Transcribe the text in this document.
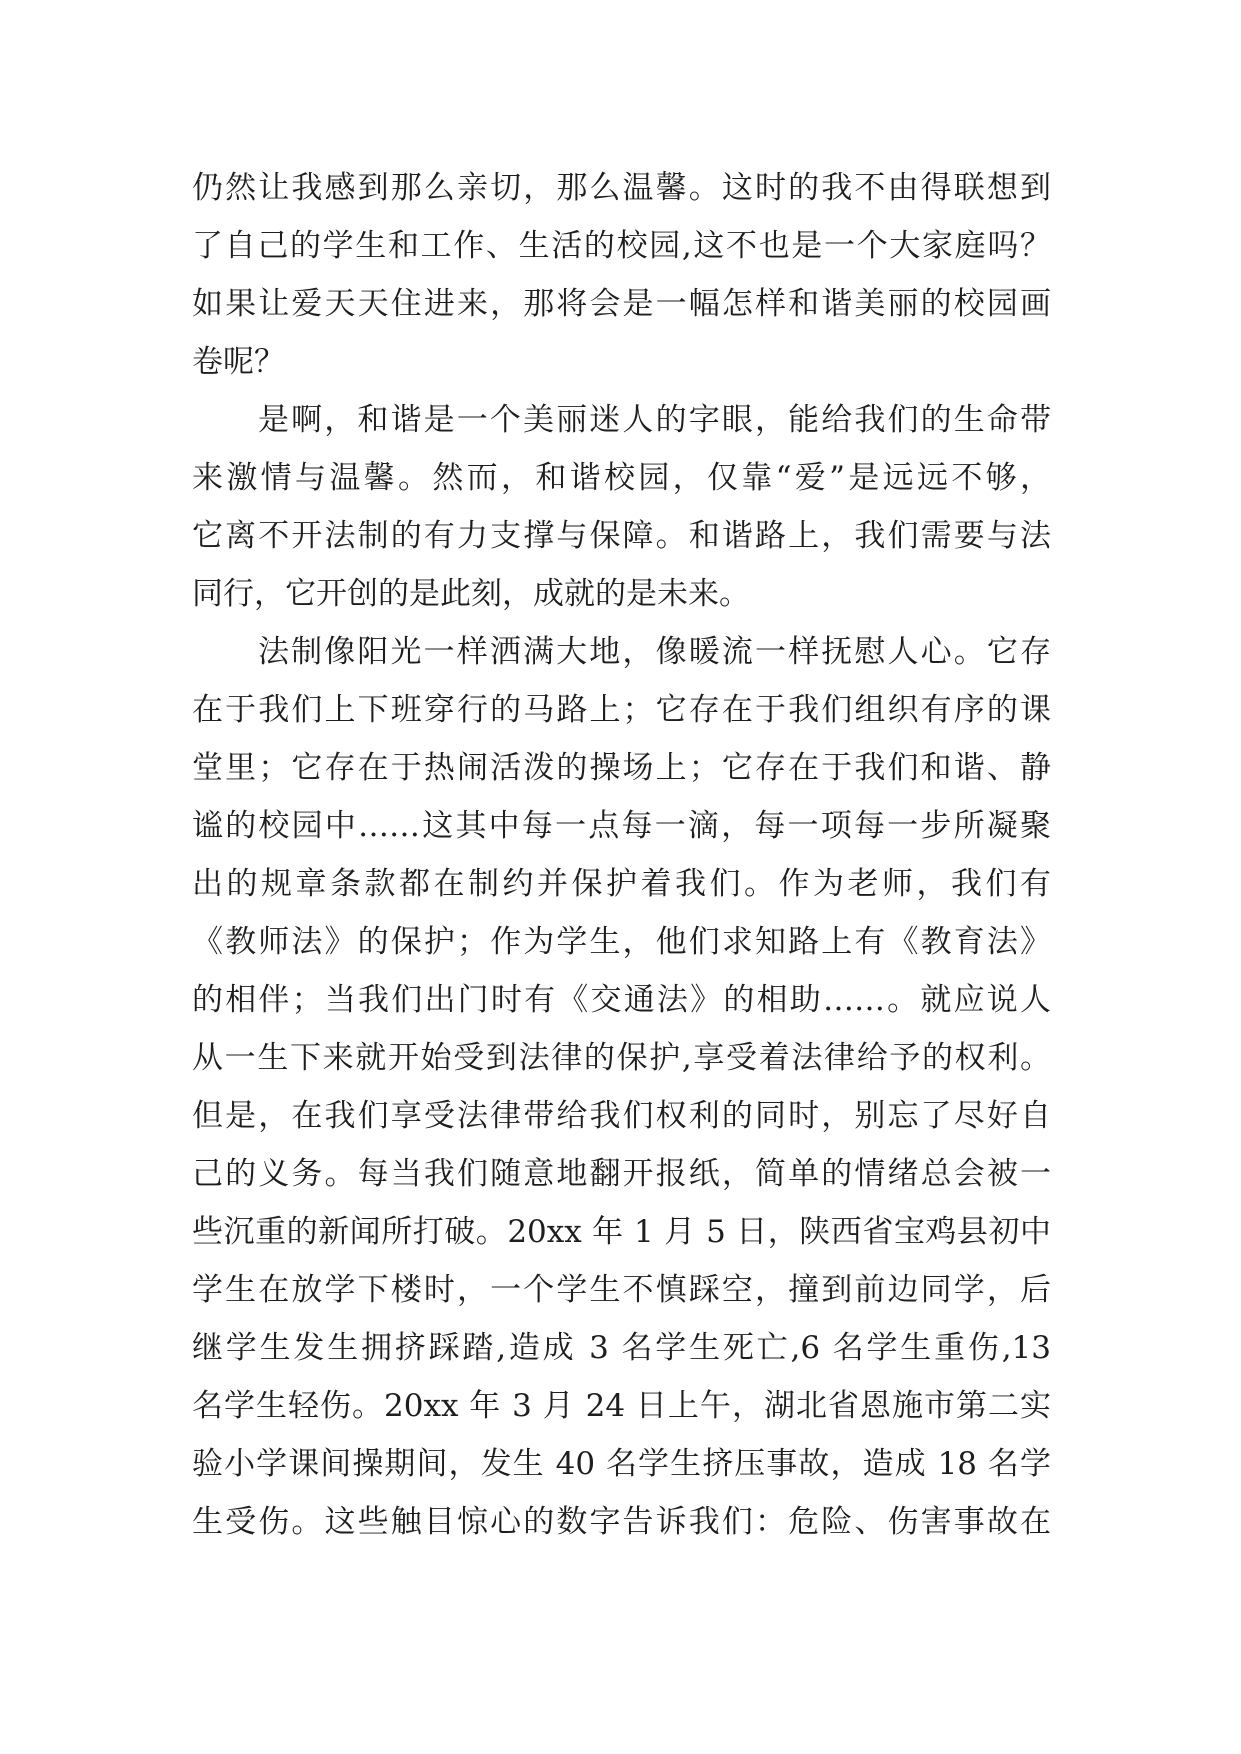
仍然让我感到那么亲切，那么温馨。这时的我不由得联想到
了自己的学生和工作、生活的校园,这不也是一个大家庭吗？
如果让爱天天住进来，那将会是一幅怎样和谐美丽的校园画
卷呢？
是啊，和谐是一个美丽迷人的字眼，能给我们的生命带
来激情与温馨。然而，和谐校园，仅靠“爱”是远远不够，
它离不开法制的有力支撑与保障。和谐路上，我们需要与法
同行，它开创的是此刻，成就的是未来。
法制像阳光一样洒满大地，像暖流一样抚慰人心。它存
在于我们上下班穿行的马路上；它存在于我们组织有序的课
堂里；它存在于热闹活泼的操场上；它存在于我们和谐、静
谧的校园中……这其中每一点每一滴，每一项每一步所凝聚
出的规章条款都在制约并保护着我们。作为老师，我们有
《教师法》的保护；作为学生，他们求知路上有《教育法》
的相伴；当我们出门时有《交通法》的相助……。就应说人
从一生下来就开始受到法律的保护,享受着法律给予的权利。
但是，在我们享受法律带给我们权利的同时，别忘了尽好自
己的义务。每当我们随意地翻开报纸，简单的情绪总会被一
些沉重的新闻所打破。20xx 年 1 月 5 日，陕西省宝鸡县初中
学生在放学下楼时，一个学生不慎踩空，撞到前边同学，后
继学生发生拥挤踩踏,造成 3 名学生死亡,6 名学生重伤,13
名学生轻伤。20xx 年 3 月 24 日上午，湖北省恩施市第二实
验小学课间操期间，发生 40 名学生挤压事故，造成 18 名学
生受伤。这些触目惊心的数字告诉我们：危险、伤害事故在
